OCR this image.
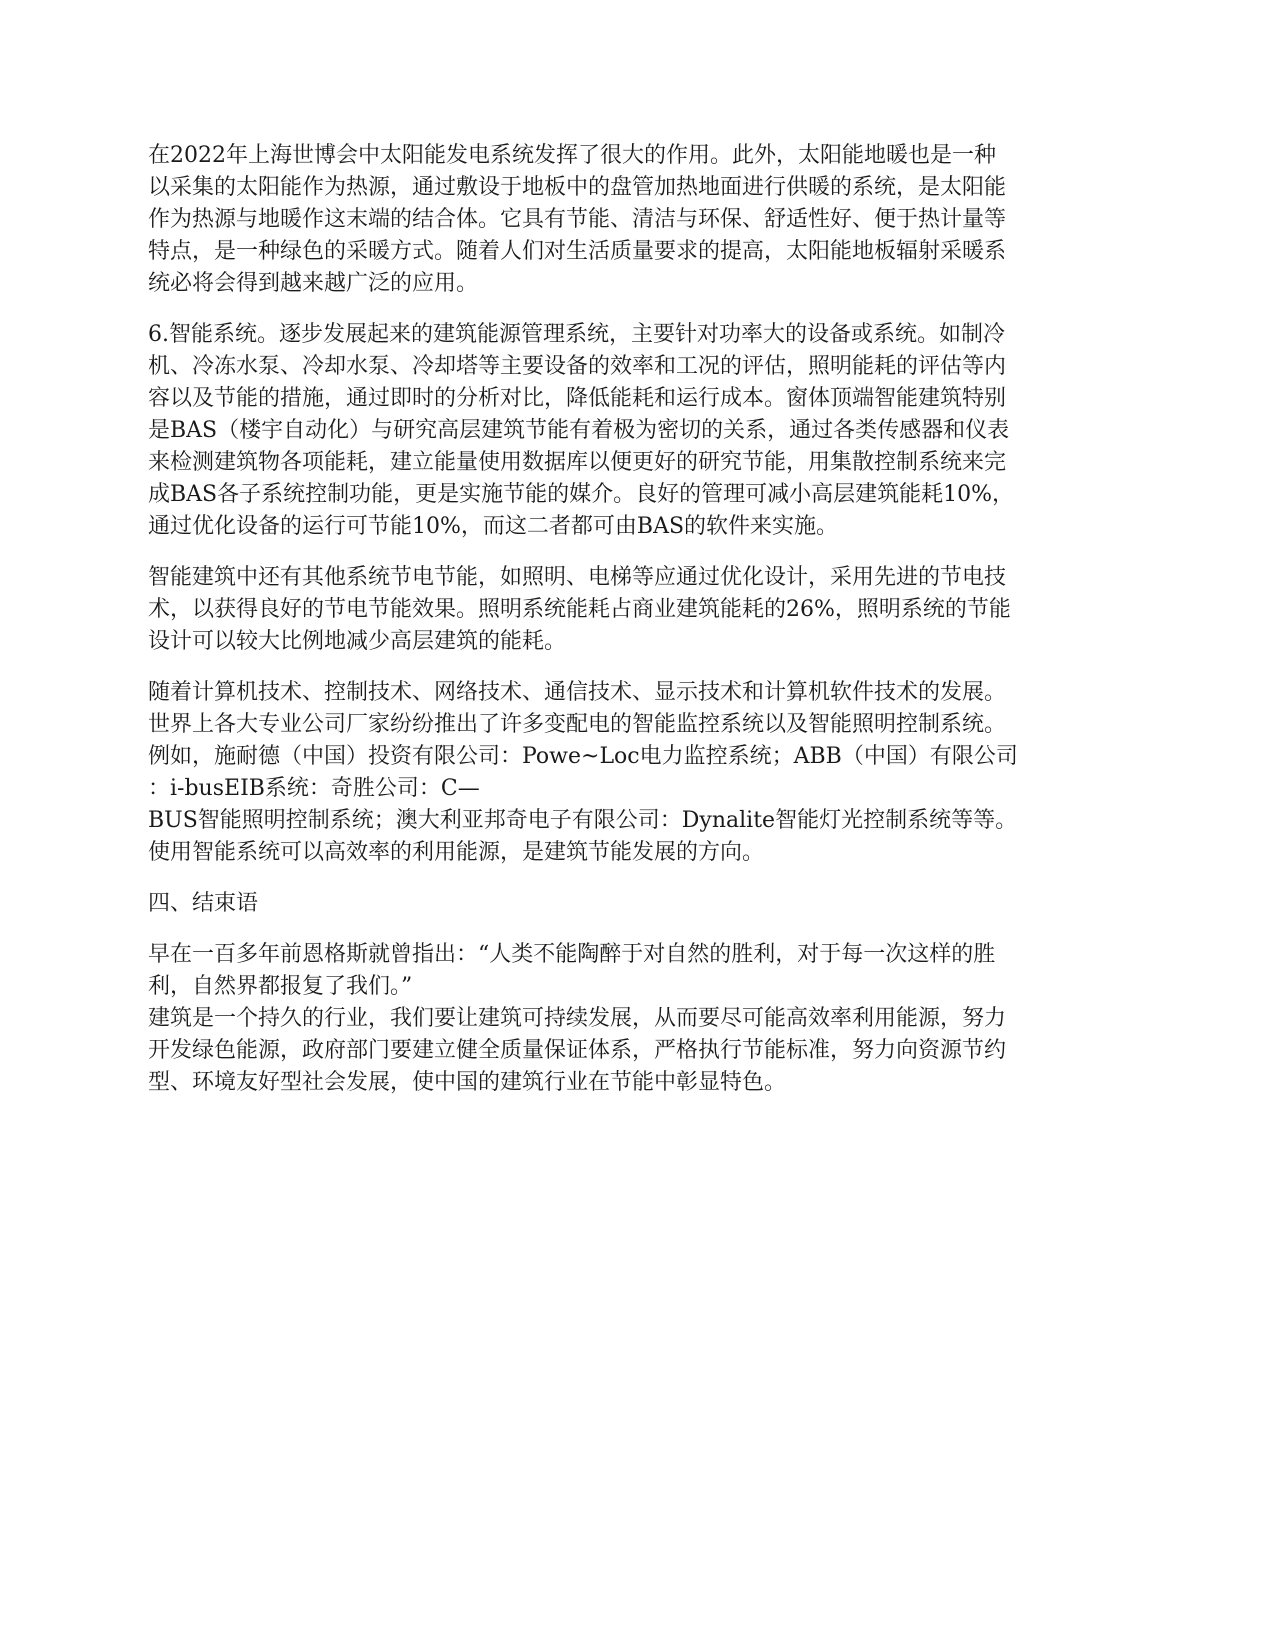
在2022年上海世博会中太阳能发电系统发挥了很大的作用。此外，太阳能地暖也是一种
以采集的太阳能作为热源，通过敷设于地板中的盘管加热地面进行供暖的系统，是太阳能
作为热源与地暖作这末端的结合体。它具有节能、清洁与环保、舒适性好、便于热计量等
特点，是一种绿色的采暖方式。随着人们对生活质量要求的提高，太阳能地板辐射采暖系
统必将会得到越来越广泛的应用。

6.智能系统。逐步发展起来的建筑能源管理系统，主要针对功率大的设备或系统。如制冷
机、冷冻水泵、冷却水泵、冷却塔等主要设备的效率和工况的评估，照明能耗的评估等内
容以及节能的措施，通过即时的分析对比，降低能耗和运行成本。窗体顶端智能建筑特别
是BAS（楼宇自动化）与研究高层建筑节能有着极为密切的关系，通过各类传感器和仪表
来检测建筑物各项能耗，建立能量使用数据库以便更好的研究节能，用集散控制系统来完
成BAS各子系统控制功能，更是实施节能的媒介。良好的管理可减小高层建筑能耗10%，
通过优化设备的运行可节能10%，而这二者都可由BAS的软件来实施。

智能建筑中还有其他系统节电节能，如照明、电梯等应通过优化设计，采用先进的节电技
术，以获得良好的节电节能效果。照明系统能耗占商业建筑能耗的26%，照明系统的节能
设计可以较大比例地减少高层建筑的能耗。

随着计算机技术、控制技术、网络技术、通信技术、显示技术和计算机软件技术的发展。
世界上各大专业公司厂家纷纷推出了许多变配电的智能监控系统以及智能照明控制系统。
例如，施耐德（中国）投资有限公司：Powe~Loc电力监控系统；ABB（中国）有限公司
：i-busEIB系统：奇胜公司：C—
BUS智能照明控制系统；澳大利亚邦奇电子有限公司：Dynalite智能灯光控制系统等等。
使用智能系统可以高效率的利用能源，是建筑节能发展的方向。

四、结束语

早在一百多年前恩格斯就曾指出：“人类不能陶醉于对自然的胜利，对于每一次这样的胜
利，自然界都报复了我们。”

建筑是一个持久的行业，我们要让建筑可持续发展，从而要尽可能高效率利用能源，努力
开发绿色能源，政府部门要建立健全质量保证体系，严格执行节能标准，努力向资源节约
型、环境友好型社会发展，使中国的建筑行业在节能中彰显特色。
